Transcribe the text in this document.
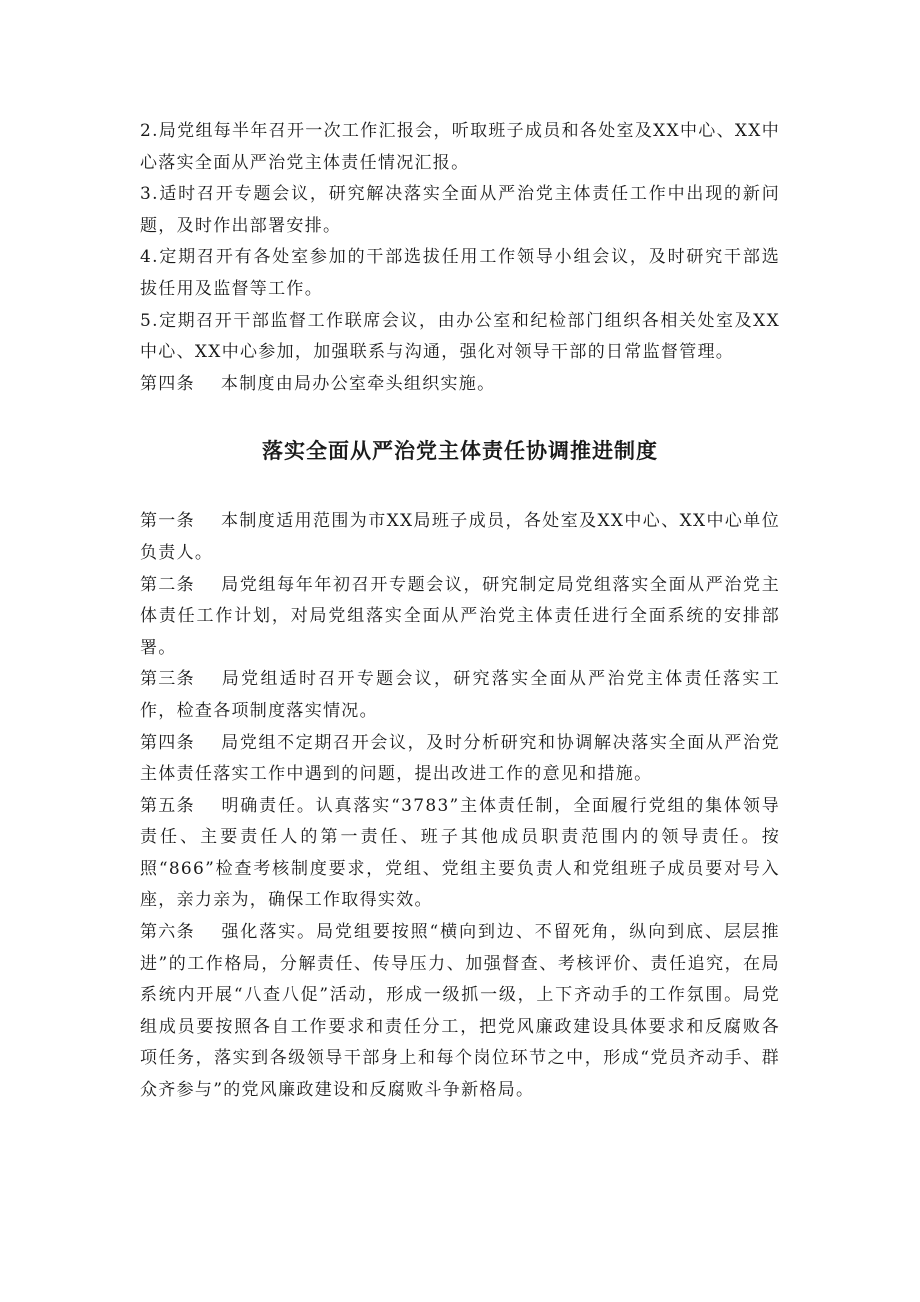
2.局党组每半年召开一次工作汇报会，听取班子成员和各处室及XX中心、XX中心落实全面从严治党主体责任情况汇报。

3.适时召开专题会议，研究解决落实全面从严治党主体责任工作中出现的新问题，及时作出部署安排。

4.定期召开有各处室参加的干部选拔任用工作领导小组会议，及时研究干部选拔任用及监督等工作。

5.定期召开干部监督工作联席会议，由办公室和纪检部门组织各相关处室及XX中心、XX中心参加，加强联系与沟通，强化对领导干部的日常监督管理。

第四条 本制度由局办公室牵头组织实施。

落实全面从严治党主体责任协调推进制度

第一条 本制度适用范围为市XX局班子成员，各处室及XX中心、XX中心单位负责人。

第二条 局党组每年年初召开专题会议，研究制定局党组落实全面从严治党主体责任工作计划，对局党组落实全面从严治党主体责任进行全面系统的安排部署。

第三条 局党组适时召开专题会议，研究落实全面从严治党主体责任落实工作，检查各项制度落实情况。

第四条 局党组不定期召开会议，及时分析研究和协调解决落实全面从严治党主体责任落实工作中遇到的问题，提出改进工作的意见和措施。

第五条 明确责任。认真落实“3783”主体责任制，全面履行党组的集体领导责任、主要责任人的第一责任、班子其他成员职责范围内的领导责任。按照“866”检查考核制度要求，党组、党组主要负责人和党组班子成员要对号入座，亲力亲为，确保工作取得实效。

第六条 强化落实。局党组要按照“横向到边、不留死角，纵向到底、层层推进”的工作格局，分解责任、传导压力、加强督查、考核评价、责任追究，在局系统内开展“八查八促”活动，形成一级抓一级，上下齐动手的工作氛围。局党组成员要按照各自工作要求和责任分工，把党风廉政建设具体要求和反腐败各项任务，落实到各级领导干部身上和每个岗位环节之中，形成“党员齐动手、群众齐参与”的党风廉政建设和反腐败斗争新格局。
